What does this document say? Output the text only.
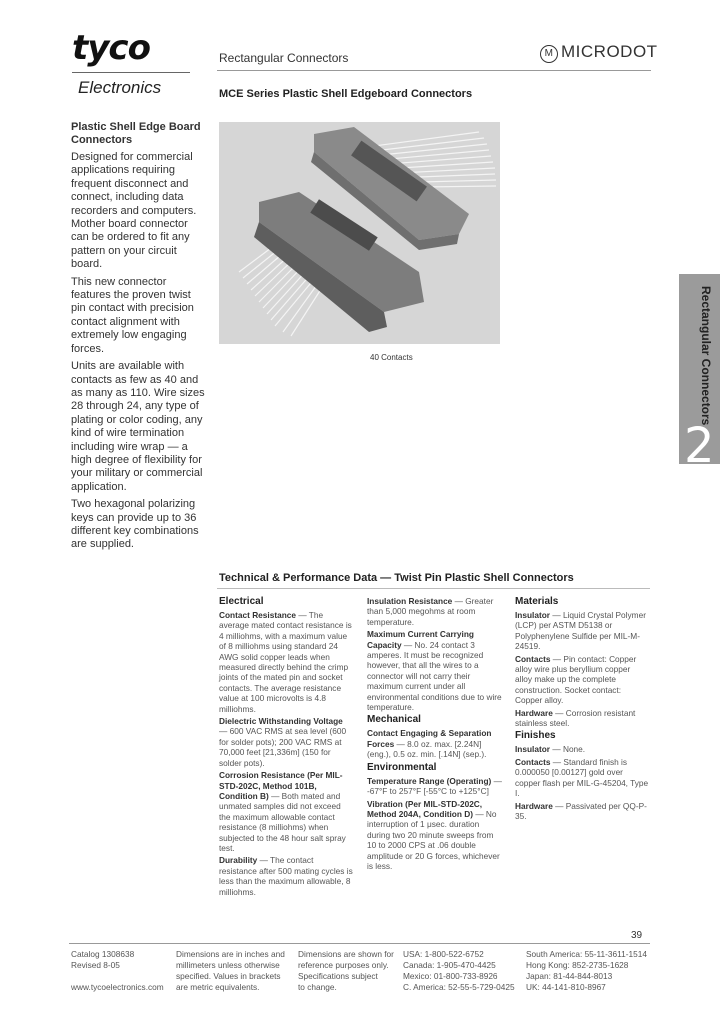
tyco
Electronics
Rectangular Connectors	M MICRODOT
MCE Series Plastic Shell Edgeboard Connectors
40 Contacts
Plastic Shell Edge Board Connectors

Designed for commercial applications requiring frequent disconnect and connect, including data recorders and computers. Mother board connector can be ordered to fit any pattern on your circuit board.

This new connector features the proven twist pin contact with precision contact alignment with extremely low engaging forces.

Units are available with contacts as few as 40 and as many as 110. Wire sizes 28 through 24, any type of plating or color coding, any kind of wire termination including wire wrap — a high degree of flexibility for your military or commercial application.

Two hexagonal polarizing keys can provide up to 36 different key combinations are supplied.

Rectangular Connectors
2
Technical & Performance Data — Twist Pin Plastic Shell Connectors
Electrical

Contact Resistance — The average mated contact resistance is 4 milliohms, with a maximum value of 8 milliohms using standard 24 AWG solid copper leads when measured directly behind the crimp joints of the mated pin and socket contacts. The average resistance value at 100 microvolts is 4.8 milliohms.

Dielectric Withstanding Voltage — 600 VAC RMS at sea level (600 for solder pots); 200 VAC RMS at 70,000 feet [21,336m] (150 for solder pots).

Corrosion Resistance (Per MIL-STD-202C, Method 101B, Condition B) — Both mated and unmated samples did not exceed the maximum allowable contact resistance (8 milliohms) when subjected to the 48 hour salt spray test.

Durability — The contact resistance after 500 mating cycles is less than the maximum allowable, 8 milliohms.

Insulation Resistance — Greater than 5,000 megohms at room temperature.

Maximum Current Carrying Capacity — No. 24 contact 3 amperes. It must be recognized however, that all the wires to a connector will not carry their maximum current under all environmental conditions due to wire temperature.

Mechanical

Contact Engaging & Separation Forces — 8.0 oz. max. [2.24N] (eng.), 0.5 oz. min. [.14N] (sep.).

Environmental

Temperature Range (Operating) — -67°F to 257°F [-55°C to +125°C]

Vibration (Per MIL-STD-202C, Method 204A, Condition D) — No interruption of 1 μsec. duration during two 20 minute sweeps from 10 to 2000 CPS at .06 double amplitude or 20 G forces, whichever is less.

Materials

Insulator — Liquid Crystal Polymer (LCP) per ASTM D5138 or Polyphenylene Sulfide per MIL-M-24519.

Contacts — Pin contact: Copper alloy wire plus beryllium copper alloy make up the complete construction. Socket contact: Copper alloy.

Hardware — Corrosion resistant stainless steel.

Finishes

Insulator — None.

Contacts — Standard finish is 0.000050 [0.00127] gold over copper flash per MIL-G-45204, Type I.

Hardware — Passivated per QQ-P-35.

39
Catalog 1308638
Revised 8-05

www.tycoelectronics.com
Dimensions are in inches and
millimeters unless otherwise
specified. Values in brackets
are metric equivalents.
Dimensions are shown for
reference purposes only.
Specifications subject
to change.
USA: 1-800-522-6752
Canada: 1-905-470-4425
Mexico: 01-800-733-8926
C. America: 52-55-5-729-0425
South America: 55-11-3611-1514
Hong Kong: 852-2735-1628
Japan: 81-44-844-8013
UK: 44-141-810-8967
